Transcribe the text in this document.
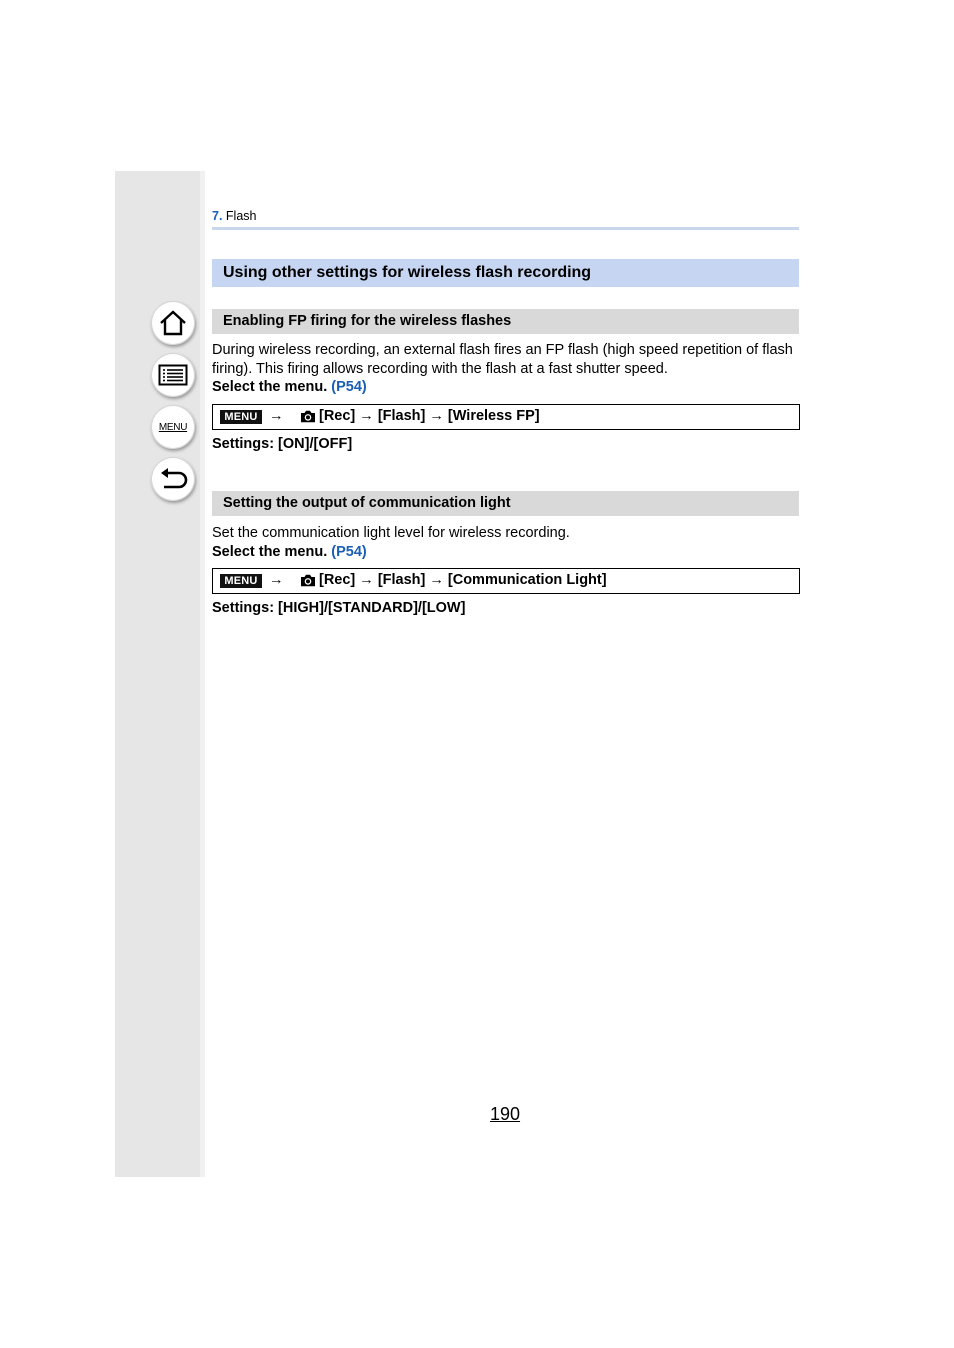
MENU
7. Flash
Using other settings for wireless flash recording
Enabling FP firing for the wireless flashes
During wireless recording, an external flash fires an FP flash (high speed repetition of flash
firing). This firing allows recording with the flash at a fast shutter speed.
Select the menu. (P54)
MENU → [Rec] → [Flash] → [Wireless FP]
Settings: [ON]/[OFF]
Setting the output of communication light
Set the communication light level for wireless recording.
Select the menu. (P54)
MENU → [Rec] → [Flash] → [Communication Light]
Settings: [HIGH]/[STANDARD]/[LOW]
190
